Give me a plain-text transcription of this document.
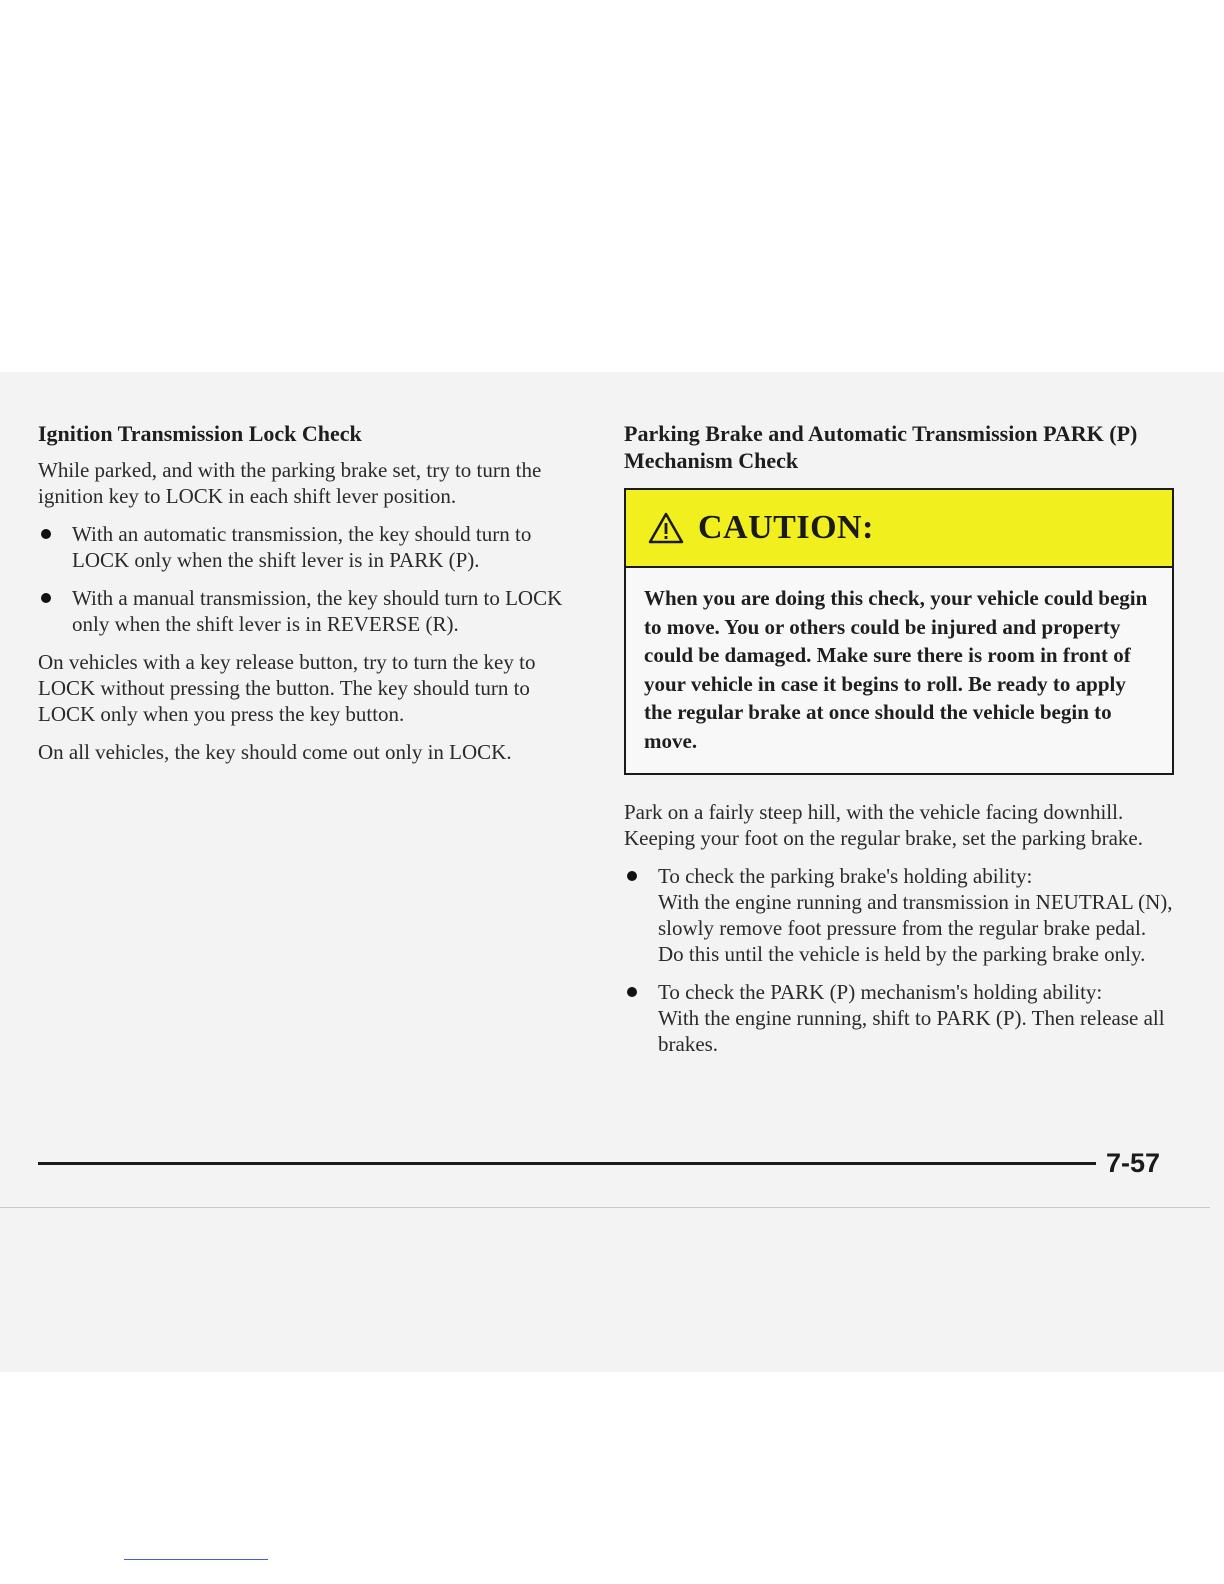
Ignition Transmission Lock Check

While parked, and with the parking brake set, try to turn the ignition key to LOCK in each shift lever position.

With an automatic transmission, the key should turn to LOCK only when the shift lever is in PARK (P).
With a manual transmission, the key should turn to LOCK only when the shift lever is in REVERSE (R).

On vehicles with a key release button, try to turn the key to LOCK without pressing the button. The key should turn to LOCK only when you press the key button.

On all vehicles, the key should come out only in LOCK.

Parking Brake and Automatic Transmission PARK (P) Mechanism Check
CAUTION:
When you are doing this check, your vehicle could begin to move. You or others could be injured and property could be damaged. Make sure there is room in front of your vehicle in case it begins to roll. Be ready to apply the regular brake at once should the vehicle begin to move.

Park on a fairly steep hill, with the vehicle facing downhill. Keeping your foot on the regular brake, set the parking brake.

To check the parking brake's holding ability:
With the engine running and transmission in NEUTRAL (N), slowly remove foot pressure from the regular brake pedal. Do this until the vehicle is held by the parking brake only.
To check the PARK (P) mechanism's holding ability:
With the engine running, shift to PARK (P). Then release all brakes.
7-57
